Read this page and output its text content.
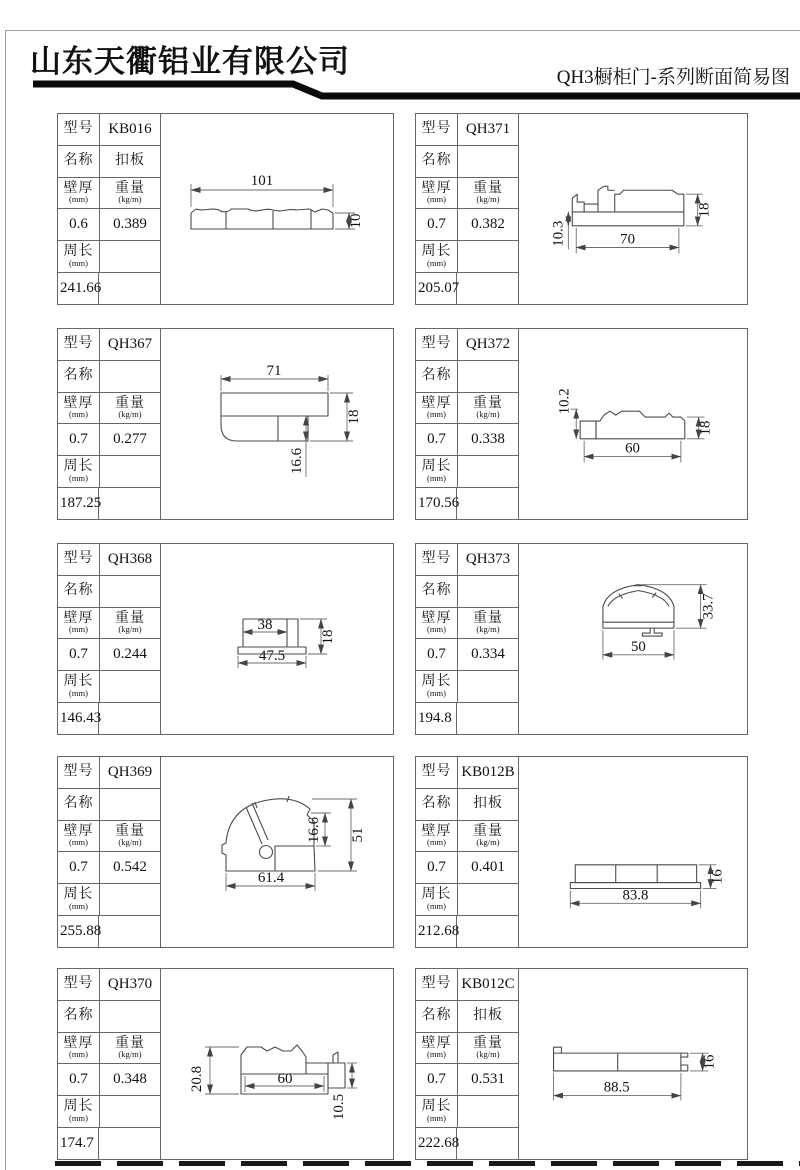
山东天衢铝业有限公司	QH3橱柜门-系列断面简易图
型号 KB016
名称	扣板
壁厚
(mm)
重量
(kg/m)
0.6	0.389
周长
(mm)
241.66
101
10
型号 QH371
名称
壁厚
(mm)
重量
(kg/m)
0.7	0.382
周长
(mm)
205.07
10.3	70
18
型号 QH367
名称
壁厚
(mm)
重量
(kg/m)
0.7	0.277
周长
(mm)
187.25
71
16.6
18
型号 QH372
名称
壁厚
(mm)
重量
(kg/m)
0.7	0.338
周长
(mm)
170.56
10.2
60
18
型号 QH368
名称
壁厚
(mm)
重量
(kg/m)
0.7	0.244
周长
(mm)
146.43
38
47.5
18
型号 QH373
名称
壁厚
(mm)
重量
(kg/m)
0.7	0.334
周长
(mm)
194.8
50
33.7
型号 QH369
名称
壁厚
(mm)
重量
(kg/m)
0.7	0.542
周长
(mm)
255.88
61.4
16.6 51
型号 KB012B
名称	扣板
壁厚
(mm)
重量
(kg/m)
0.7	0.401
周长
(mm)
212.68
83.8
16
型号 QH370
名称
壁厚
(mm)
重量
(kg/m)
0.7	0.348
周长
(mm)
174.7
20.8	60
10.5
型号 KB012C
名称	扣板
壁厚
(mm)
重量
(kg/m)
0.7	0.531
周长
(mm)
222.68
88.5
16
